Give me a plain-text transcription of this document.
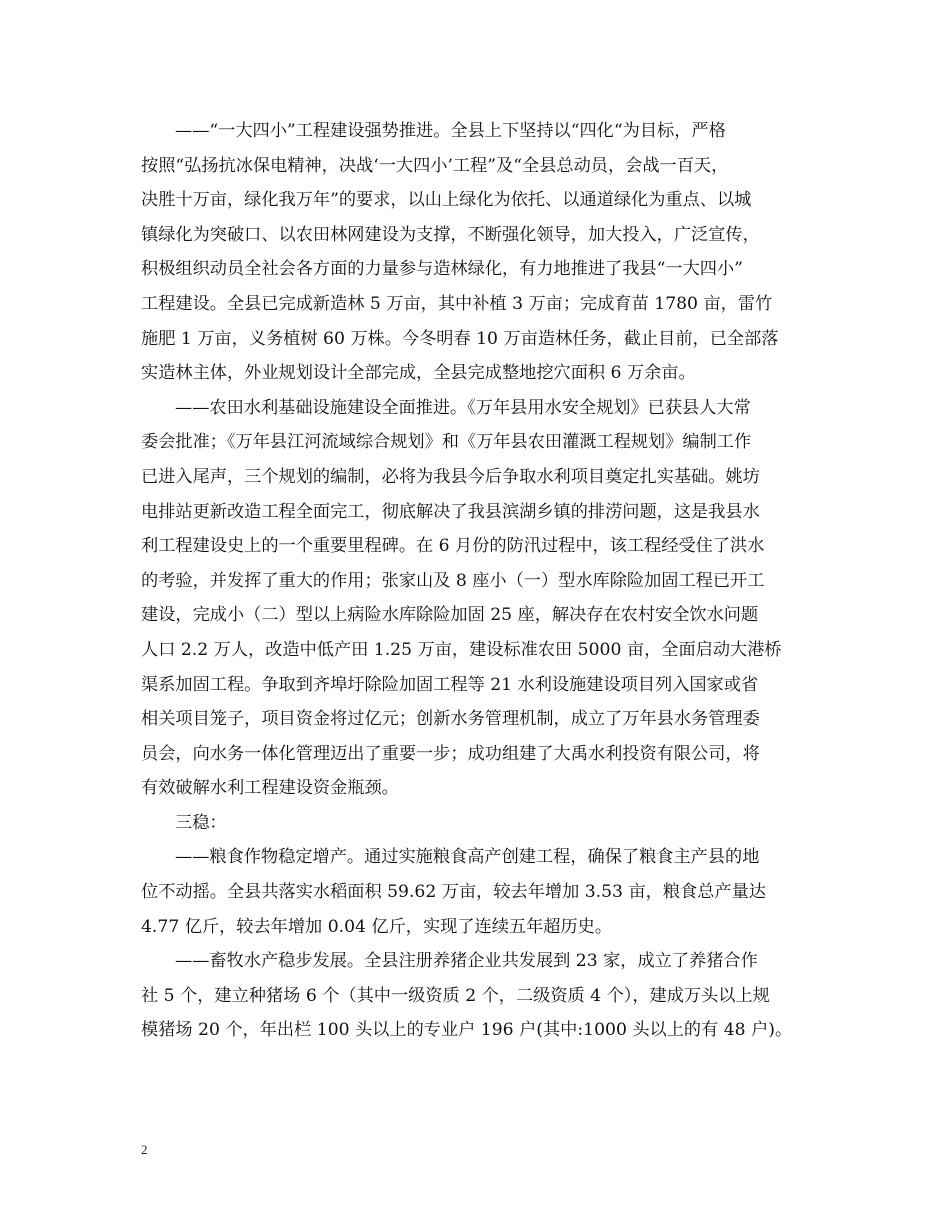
——“一大四小”工程建设强势推进。全县上下坚持以“四化“为目标，严格
按照“弘扬抗冰保电精神，决战‘一大四小’工程”及“全县总动员，会战一百天，
决胜十万亩，绿化我万年”的要求，以山上绿化为依托、以通道绿化为重点、以城
镇绿化为突破口、以农田林网建设为支撑，不断强化领导，加大投入，广泛宣传，
积极组织动员全社会各方面的力量参与造林绿化，有力地推进了我县“一大四小”
工程建设。全县已完成新造林 5 万亩，其中补植 3 万亩；完成育苗 1780 亩，雷竹
施肥 1 万亩，义务植树 60 万株。今冬明春 10 万亩造林任务，截止目前，已全部落
实造林主体，外业规划设计全部完成，全县完成整地挖穴面积 6 万余亩。

——农田水利基础设施建设全面推进。《万年县用水安全规划》已获县人大常
委会批准；《万年县江河流域综合规划》和《万年县农田灌溉工程规划》编制工作
已进入尾声，三个规划的编制，必将为我县今后争取水利项目奠定扎实基础。姚坊
电排站更新改造工程全面完工，彻底解决了我县滨湖乡镇的排涝问题，这是我县水
利工程建设史上的一个重要里程碑。在 6 月份的防汛过程中，该工程经受住了洪水
的考验，并发挥了重大的作用；张家山及 8 座小（一）型水库除险加固工程已开工
建设，完成小（二）型以上病险水库除险加固 25 座，解决存在农村安全饮水问题
人口 2.2 万人，改造中低产田 1.25 万亩，建设标准农田 5000 亩，全面启动大港桥
渠系加固工程。争取到齐埠圩除险加固工程等 21 水利设施建设项目列入国家或省
相关项目笼子，项目资金将过亿元；创新水务管理机制，成立了万年县水务管理委
员会，向水务一体化管理迈出了重要一步；成功组建了大禹水利投资有限公司，将
有效破解水利工程建设资金瓶颈。

三稳：

——粮食作物稳定增产。通过实施粮食高产创建工程，确保了粮食主产县的地
位不动摇。全县共落实水稻面积 59.62 万亩，较去年增加 3.53 亩，粮食总产量达
4.77 亿斤，较去年增加 0.04 亿斤，实现了连续五年超历史。

——畜牧水产稳步发展。全县注册养猪企业共发展到 23 家，成立了养猪合作
社 5 个，建立种猪场 6 个（其中一级资质 2 个，二级资质 4 个），建成万头以上规
模猪场 20 个，年出栏 100 头以上的专业户 196 户(其中:1000 头以上的有 48 户)。

2
